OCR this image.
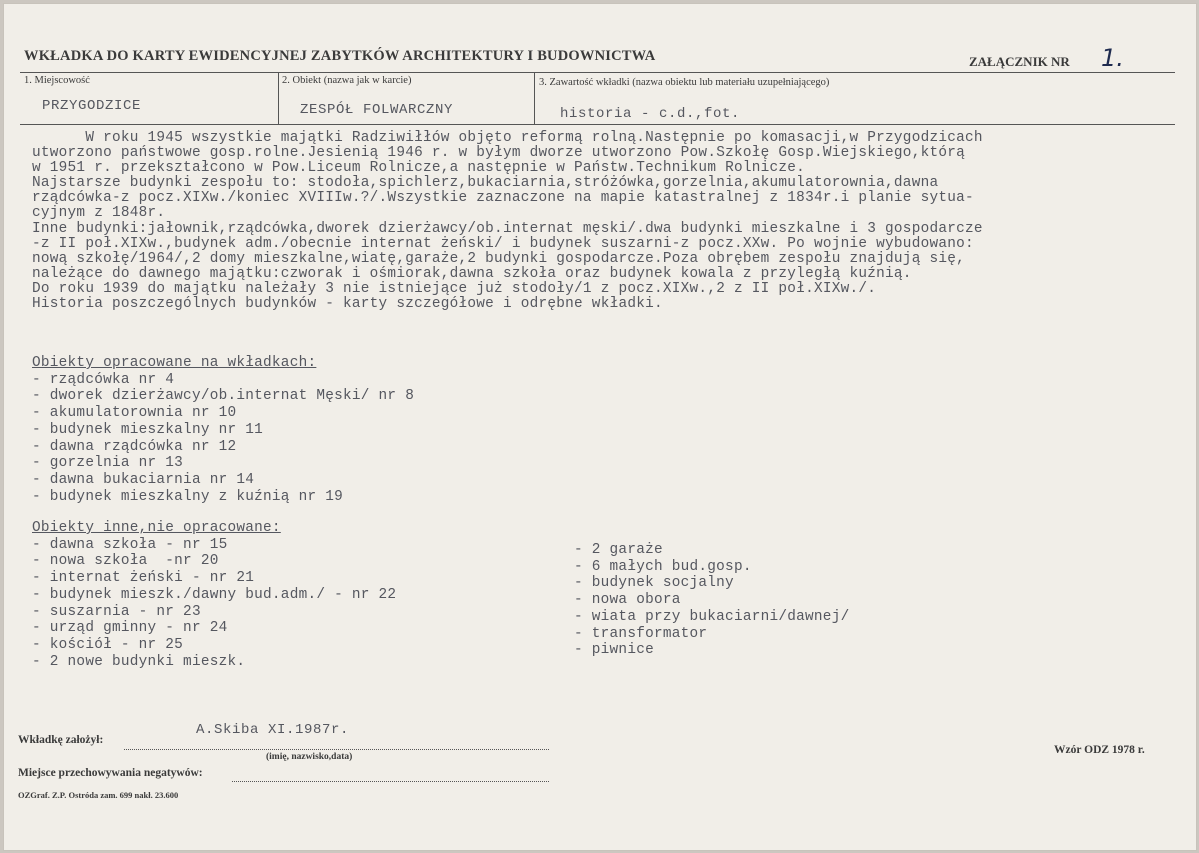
WKŁADKA DO KARTY EWIDENCYJNEJ ZABYTKÓW ARCHITEKTURY I BUDOWNICTWA	ZAŁĄCZNIK NR 1.
1. Miejscowość
PRZYGODZICE
2. Obiekt (nazwa jak w karcie)
ZESPÓŁ FOLWARCZNY
3. Zawartość wkładki (nazwa obiektu lub materiału uzupełniającego)
historia - c.d.,fot.
W roku 1945 wszystkie majątki Radziwiłłów objęto reformą rolną.Następnie po komasacji,w Przygodzicach
utworzono państwowe gosp.rolne.Jesienią 1946 r. w byłym dworze utworzono Pow.Szkołę Gosp.Wiejskiego,którą
w 1951 r. przekształcono w Pow.Liceum Rolnicze,a następnie w Państw.Technikum Rolnicze.
Najstarsze budynki zespołu to: stodoła,spichlerz,bukaciarnia,stróżówka,gorzelnia,akumulatorownia,dawna
rządcówka-z pocz.XIXw./koniec XVIIIw.?/.Wszystkie zaznaczone na mapie katastralnej z 1834r.i planie sytua-
cyjnym z 1848r.
Inne budynki:jałownik,rządcówka,dworek dzierżawcy/ob.internat męski/.dwa budynki mieszkalne i 3 gospodarcze
-z II poł.XIXw.,budynek adm./obecnie internat żeński/ i budynek suszarni-z pocz.XXw. Po wojnie wybudowano:
nową szkołę/1964/,2 domy mieszkalne,wiatę,garaże,2 budynki gospodarcze.Poza obrębem zespołu znajdują się,
należące do dawnego majątku:czworak i ośmiorak,dawna szkoła oraz budynek kowala z przyległą kuźnią.
Do roku 1939 do majątku należały 3 nie istniejące już stodoły/1 z pocz.XIXw.,2 z II poł.XIXw./.
Historia poszczególnych budynków - karty szczegółowe i odrębne wkładki.
Obiekty opracowane na wkładkach:
- rządcówka nr 4
- dworek dzierżawcy/ob.internat Męski/ nr 8
- akumulatorownia nr 10
- budynek mieszkalny nr 11
- dawna rządcówka nr 12
- gorzelnia nr 13
- dawna bukaciarnia nr 14
- budynek mieszkalny z kuźnią nr 19
Obiekty inne,nie opracowane:
- dawna szkoła - nr 15
- nowa szkoła  -nr 20
- internat żeński - nr 21
- budynek mieszk./dawny bud.adm./ - nr 22
- suszarnia - nr 23
- urząd gminny - nr 24
- kościół - nr 25
- 2 nowe budynki mieszk.
- 2 garaże
- 6 małych bud.gosp.
- budynek socjalny
- nowa obora
- wiata przy bukaciarni/dawnej/
- transformator
- piwnice
Wkładkę założył:
A.Skiba XI.1987r.
(imię, nazwisko,data)
Wzór ODZ 1978 r.
Miejsce przechowywania negatywów:
OZGraf. Z.P. Ostróda zam. 699 nakł. 23.600
